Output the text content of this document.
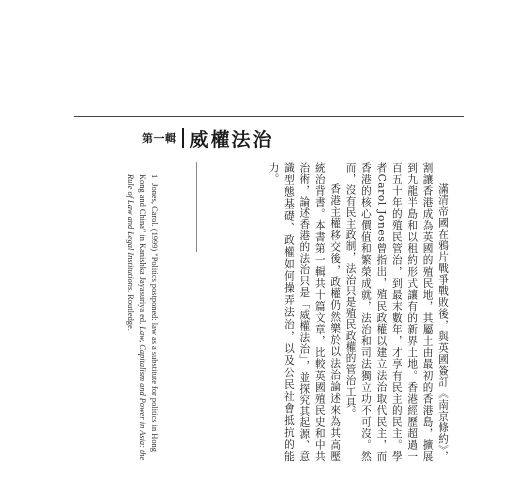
第一輯 威權法治

滿清帝國在鴉片戰爭戰敗後，與英國簽訂《南京條約》，割讓香港成為英國的殖民地，其屬土由最初的香港島，擴展到九龍半島和以租約形式讓有的新界土地。香港經歷超過一百五十年的殖民管治，到最末數年，才享有民主的民主。學者Carol Jones曾指出，殖民政權以建立法治取代民主，而香港的核心價值和繁榮成就，法治和司法獨立功不可沒。然而，沒有民主政制，法治只是殖民政權的管治工具。

香港主權移交後，政權仍然樂於以法治論述來為其高壓統治背書。本書第一輯共十篇文章，比較英國殖民史和中共治術，論述香港的法治只是「威權法治」，並探究其起源、意識型態基礎、政權如何操弄法治，以及公民社會抵抗的能力。

1 Jones, Carol. (1999) "Politics postponed: law as a substitute for politics in Hong Kong and China" in Kanishka Jayasuriya ed. Law, Capitalism and Power in Asia: the Rule of Law and Legal Institutions. Routledge.
